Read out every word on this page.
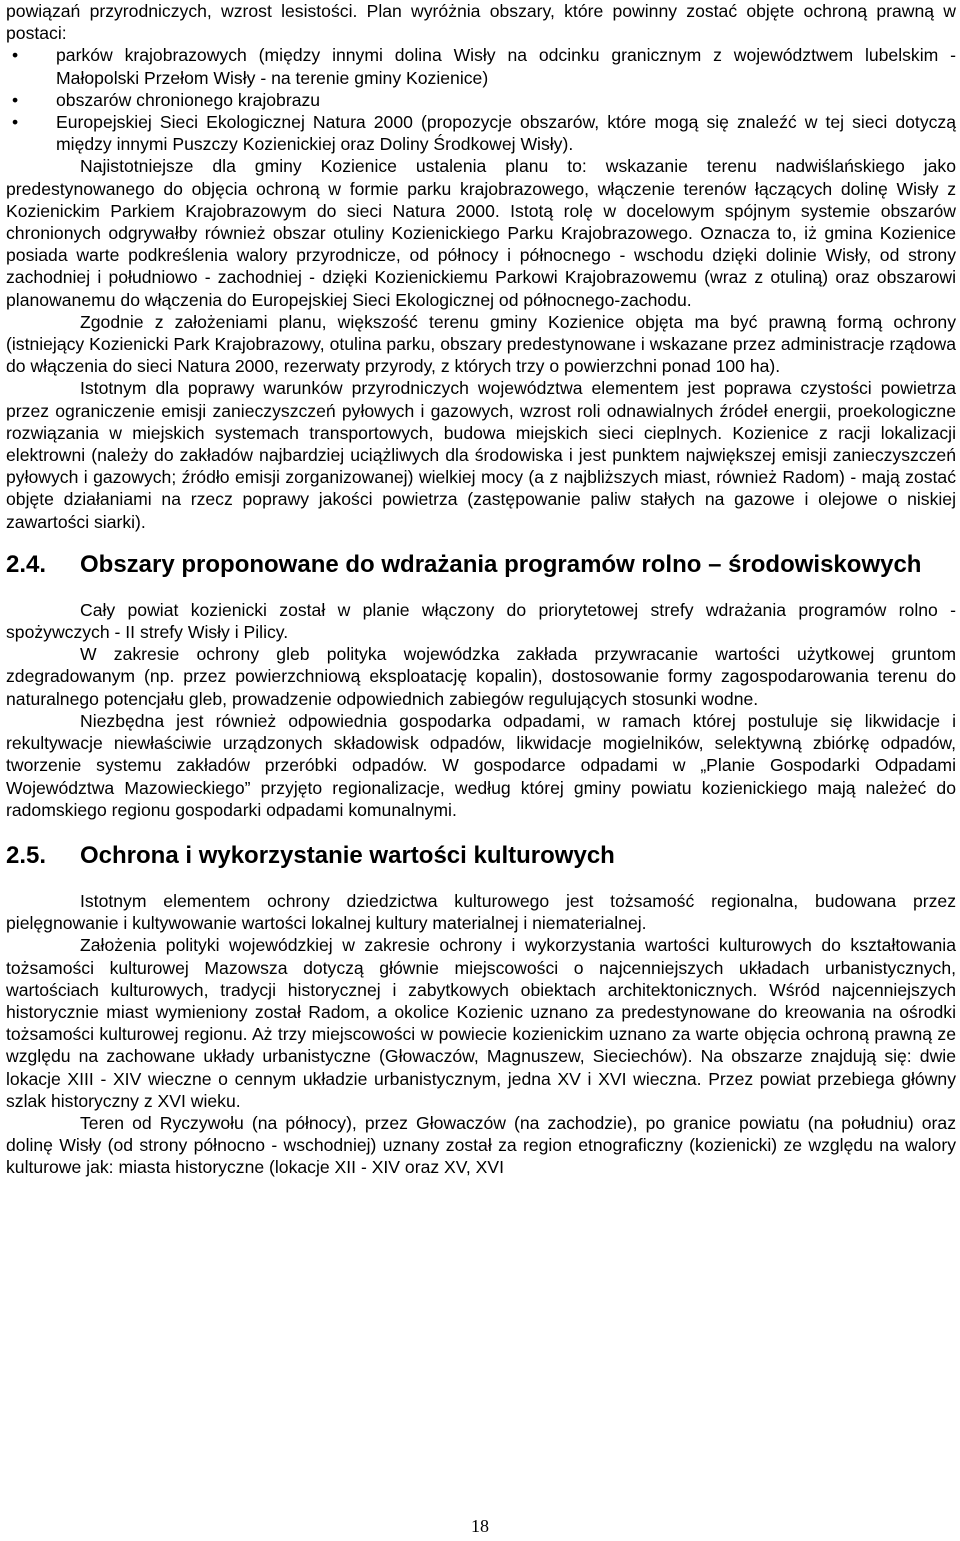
powiązań przyrodniczych, wzrost lesistości. Plan wyróżnia obszary, które powinny zostać objęte ochroną prawną w postaci:

• parków krajobrazowych (między innymi dolina Wisły na odcinku granicznym z województwem lubelskim - Małopolski Przełom Wisły - na terenie gminy Kozienice)
• obszarów chronionego krajobrazu
• Europejskiej Sieci Ekologicznej Natura 2000 (propozycje obszarów, które mogą się znaleźć w tej sieci dotyczą między innymi Puszczy Kozienickiej oraz Doliny Środkowej Wisły).

Najistotniejsze dla gminy Kozienice ustalenia planu to: wskazanie terenu nadwiślańskiego jako predestynowanego do objęcia ochroną w formie parku krajobrazowego, włączenie terenów łączących dolinę Wisły z Kozienickim Parkiem Krajobrazowym do sieci Natura 2000. Istotą rolę w docelowym spójnym systemie obszarów chronionych odgrywałby również obszar otuliny Kozienickiego Parku Krajobrazowego. Oznacza to, iż gmina Kozienice posiada warte podkreślenia walory przyrodnicze, od północy i północnego - wschodu dzięki dolinie Wisły, od strony zachodniej i południowo - zachodniej - dzięki Kozienickiemu Parkowi Krajobrazowemu (wraz z otuliną) oraz obszarowi planowanemu do włączenia do Europejskiej Sieci Ekologicznej od północnego-zachodu.

Zgodnie z założeniami planu, większość terenu gminy Kozienice objęta ma być prawną formą ochrony (istniejący Kozienicki Park Krajobrazowy, otulina parku, obszary predestynowane i wskazane przez administracje rządowa do włączenia do sieci Natura 2000, rezerwaty przyrody, z których trzy o powierzchni ponad 100 ha).

Istotnym dla poprawy warunków przyrodniczych województwa elementem jest poprawa czystości powietrza przez ograniczenie emisji zanieczyszczeń pyłowych i gazowych, wzrost roli odnawialnych źródeł energii, proekologiczne rozwiązania w miejskich systemach transportowych, budowa miejskich sieci cieplnych. Kozienice z racji lokalizacji elektrowni (należy do zakładów najbardziej uciążliwych dla środowiska i jest punktem największej emisji zanieczyszczeń pyłowych i gazowych; źródło emisji zorganizowanej) wielkiej mocy (a z najbliższych miast, również Radom) - mają zostać objęte działaniami na rzecz poprawy jakości powietrza (zastępowanie paliw stałych na gazowe i olejowe o niskiej zawartości siarki).

2.4.	Obszary proponowane do wdrażania programów rolno – środowiskowych

Cały powiat kozienicki został w planie włączony do priorytetowej strefy wdrażania programów rolno - spożywczych - II strefy Wisły i Pilicy.

W zakresie ochrony gleb polityka wojewódzka zakłada przywracanie wartości użytkowej gruntom zdegradowanym (np. przez powierzchniową eksploatację kopalin), dostosowanie formy zagospodarowania terenu do naturalnego potencjału gleb, prowadzenie odpowiednich zabiegów regulujących stosunki wodne.

Niezbędna jest również odpowiednia gospodarka odpadami, w ramach której postuluje się likwidacje i rekultywacje niewłaściwie urządzonych składowisk odpadów, likwidacje mogielników, selektywną zbiórkę odpadów, tworzenie systemu zakładów przeróbki odpadów. W gospodarce odpadami w „Planie Gospodarki Odpadami Województwa Mazowieckiego” przyjęto regionalizacje, według której gminy powiatu kozienickiego mają należeć do radomskiego regionu gospodarki odpadami komunalnymi.

2.5.	Ochrona i wykorzystanie wartości kulturowych

Istotnym elementem ochrony dziedzictwa kulturowego jest tożsamość regionalna, budowana przez pielęgnowanie i kultywowanie wartości lokalnej kultury materialnej i niematerialnej.

Założenia polityki wojewódzkiej w zakresie ochrony i wykorzystania wartości kulturowych do kształtowania tożsamości kulturowej Mazowsza dotyczą głównie miejscowości o najcenniejszych układach urbanistycznych, wartościach kulturowych, tradycji historycznej i zabytkowych obiektach architektonicznych. Wśród najcenniejszych historycznie miast wymieniony został Radom, a okolice Kozienic uznano za predestynowane do kreowania na ośrodki tożsamości kulturowej regionu. Aż trzy miejscowości w powiecie kozienickim uznano za warte objęcia ochroną prawną ze względu na zachowane układy urbanistyczne (Głowaczów, Magnuszew, Sieciechów). Na obszarze znajdują się: dwie lokacje XIII - XIV wieczne o cennym układzie urbanistycznym, jedna XV i XVI wieczna. Przez powiat przebiega główny szlak historyczny z XVI wieku.

Teren od Ryczywołu (na północy), przez Głowaczów (na zachodzie), po granice powiatu (na południu) oraz dolinę Wisły (od strony północno - wschodniej) uznany został za region etnograficzny (kozienicki) ze względu na walory kulturowe jak: miasta historyczne (lokacje XII - XIV oraz XV, XVI

18
